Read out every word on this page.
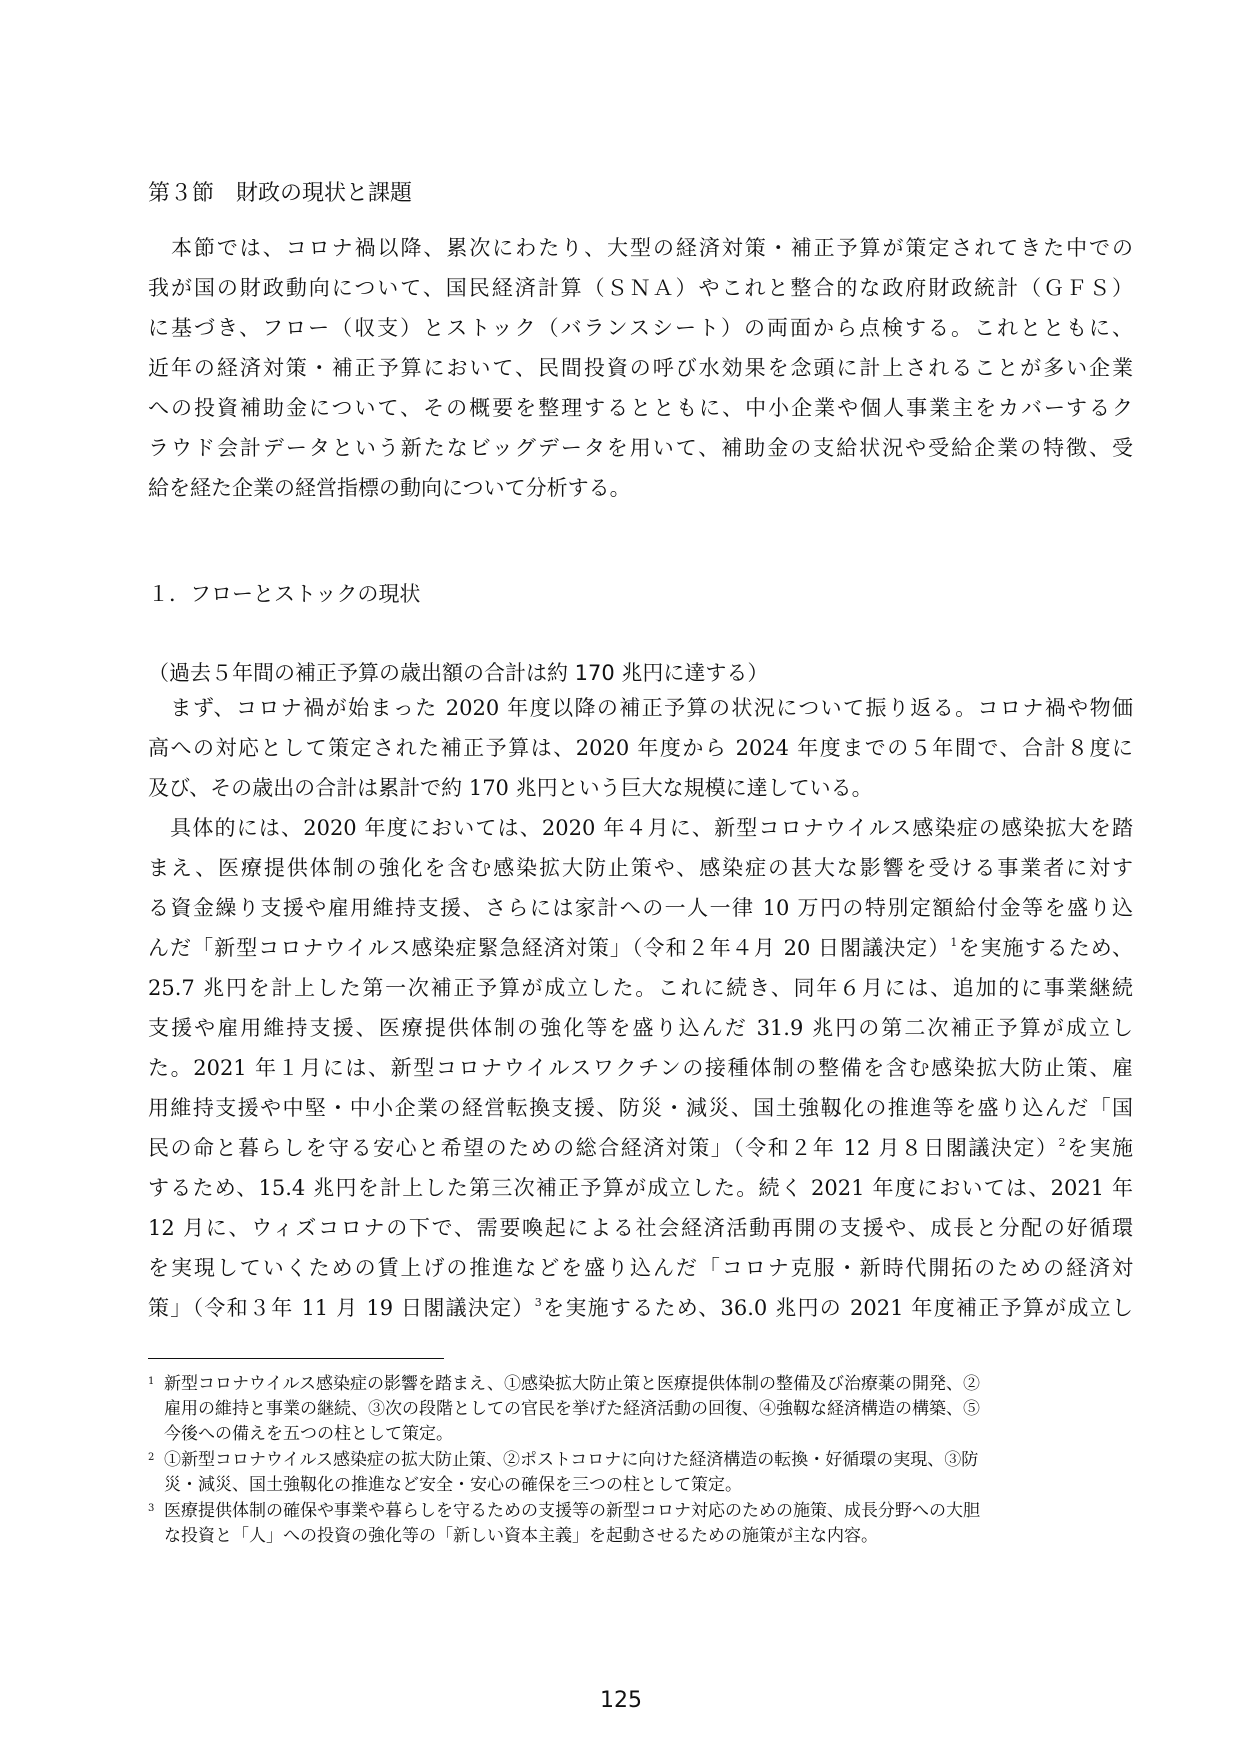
第３節　財政の現状と課題
　本節では、コロナ禍以降、累次にわたり、大型の経済対策・補正予算が策定されてきた中での
我が国の財政動向について、国民経済計算（ＳＮＡ）やこれと整合的な政府財政統計（ＧＦＳ）
に基づき、フロー（収支）とストック（バランスシート）の両面から点検する。これとともに、
近年の経済対策・補正予算において、民間投資の呼び水効果を念頭に計上されることが多い企業
への投資補助金について、その概要を整理するとともに、中小企業や個人事業主をカバーするク
ラウド会計データという新たなビッグデータを用いて、補助金の支給状況や受給企業の特徴、受
給を経た企業の経営指標の動向について分析する。
１．フローとストックの現状
（過去５年間の補正予算の歳出額の合計は約 170 兆円に達する）
　まず、コロナ禍が始まった 2020 年度以降の補正予算の状況について振り返る。コロナ禍や物価
高への対応として策定された補正予算は、2020 年度から 2024 年度までの５年間で、合計８度に
及び、その歳出の合計は累計で約 170 兆円という巨大な規模に達している。
　具体的には、2020 年度においては、2020 年４月に、新型コロナウイルス感染症の感染拡大を踏
まえ、医療提供体制の強化を含む感染拡大防止策や、感染症の甚大な影響を受ける事業者に対す
る資金繰り支援や雇用維持支援、さらには家計への一人一律 10 万円の特別定額給付金等を盛り込
んだ「新型コロナウイルス感染症緊急経済対策」（令和２年４月 20 日閣議決定）$^1$を実施するため、
25.7 兆円を計上した第一次補正予算が成立した。これに続き、同年６月には、追加的に事業継続
支援や雇用維持支援、医療提供体制の強化等を盛り込んだ 31.9 兆円の第二次補正予算が成立し
た。2021 年１月には、新型コロナウイルスワクチンの接種体制の整備を含む感染拡大防止策、雇
用維持支援や中堅・中小企業の経営転換支援、防災・減災、国土強靱化の推進等を盛り込んだ「国
民の命と暮らしを守る安心と希望のための総合経済対策」（令和２年 12 月８日閣議決定）$^2$を実施
するため、15.4 兆円を計上した第三次補正予算が成立した。続く 2021 年度においては、2021 年
12 月に、ウィズコロナの下で、需要喚起による社会経済活動再開の支援や、成長と分配の好循環
を実現していくための賃上げの推進などを盛り込んだ「コロナ克服・新時代開拓のための経済対
策」（令和３年 11 月 19 日閣議決定）$^3$を実施するため、36.0 兆円の 2021 年度補正予算が成立し
1 新型コロナウイルス感染症の影響を踏まえ、①感染拡大防止策と医療提供体制の整備及び治療薬の開発、②
雇用の維持と事業の継続、③次の段階としての官民を挙げた経済活動の回復、④強靱な経済構造の構築、⑤
今後への備えを五つの柱として策定。
2 ①新型コロナウイルス感染症の拡大防止策、②ポストコロナに向けた経済構造の転換・好循環の実現、③防
災・減災、国土強靱化の推進など安全・安心の確保を三つの柱として策定。
3 医療提供体制の確保や事業や暮らしを守るための支援等の新型コロナ対応のための施策、成長分野への大胆
な投資と「人」への投資の強化等の「新しい資本主義」を起動させるための施策が主な内容。
125
